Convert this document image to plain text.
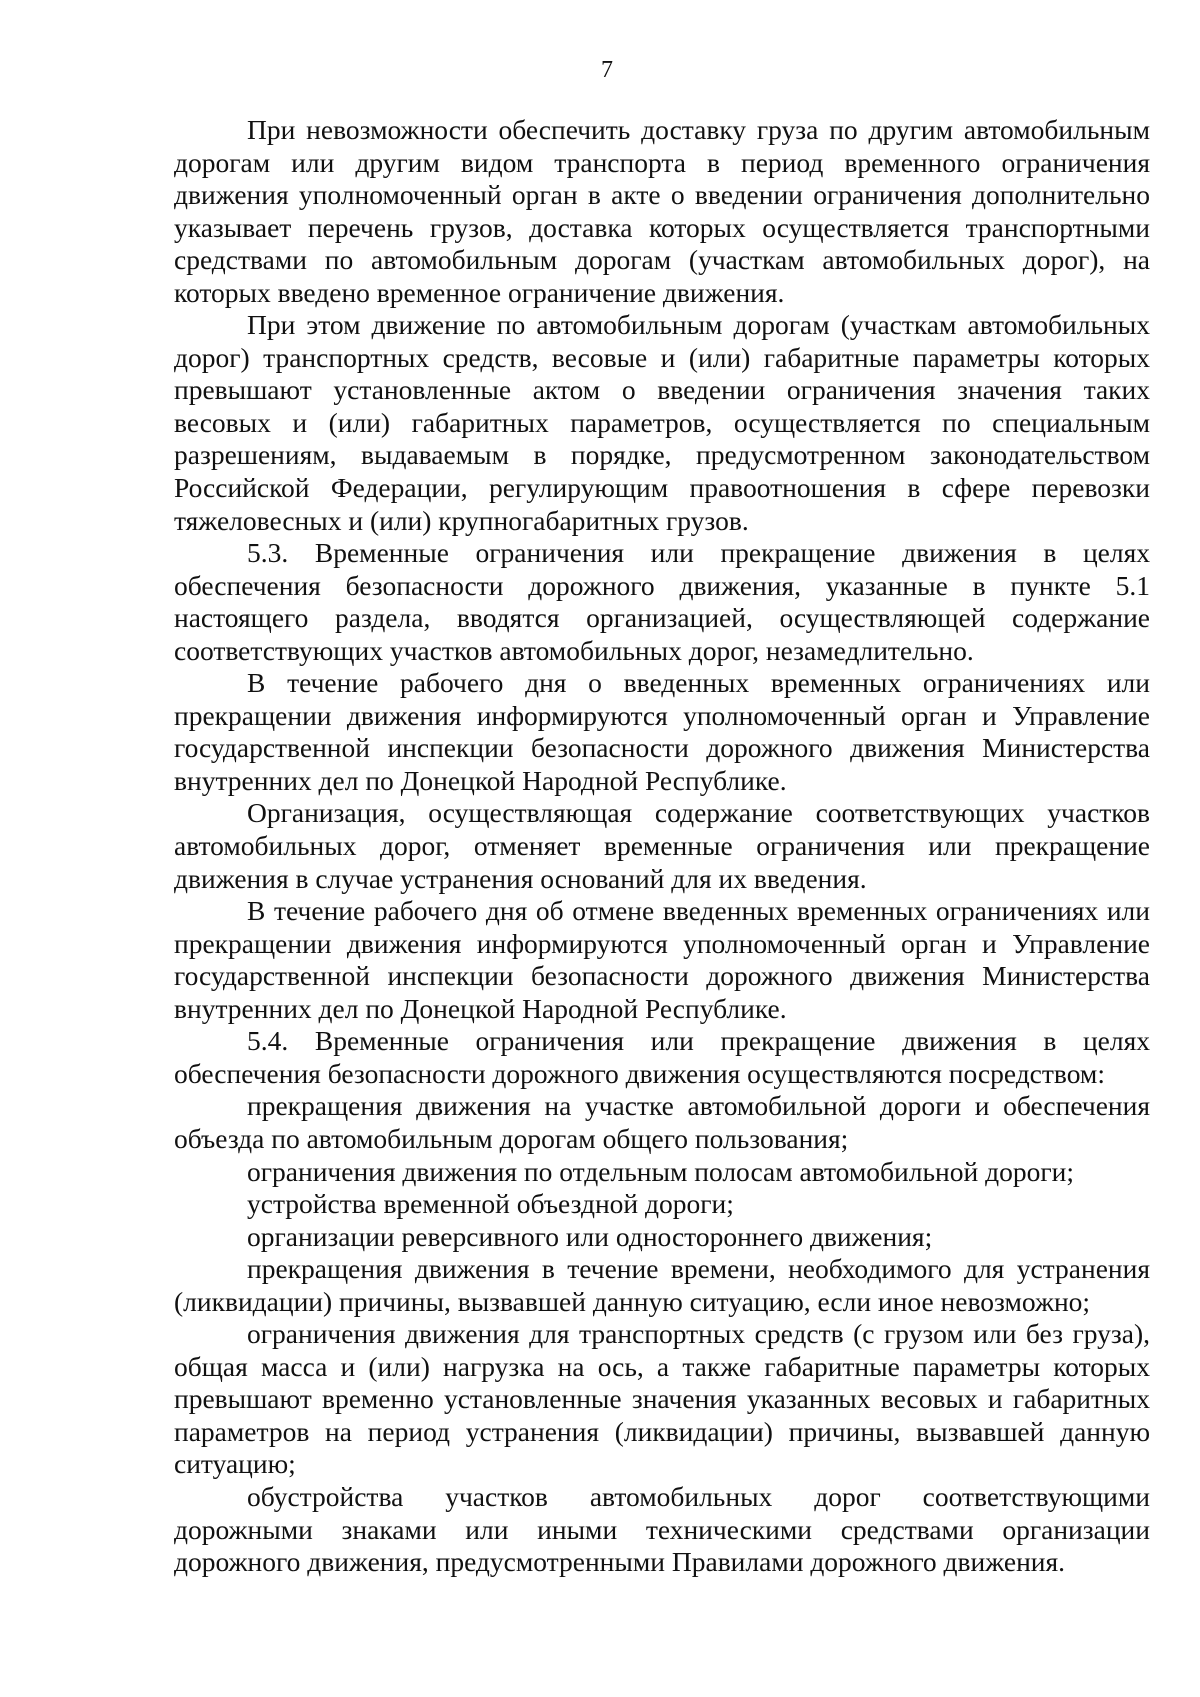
7

При невозможности обеспечить доставку груза по другим автомобильным дорогам или другим видом транспорта в период временного ограничения движения уполномоченный орган в акте о введении ограничения дополнительно указывает перечень грузов, доставка которых осуществляется транспортными средствами по автомобильным дорогам (участкам автомобильных дорог), на которых введено временное ограничение движения.

При этом движение по автомобильным дорогам (участкам автомобильных дорог) транспортных средств, весовые и (или) габаритные параметры которых превышают установленные актом о введении ограничения значения таких весовых и (или) габаритных параметров, осуществляется по специальным разрешениям, выдаваемым в порядке, предусмотренном законодательством Российской Федерации, регулирующим правоотношения в сфере перевозки тяжеловесных и (или) крупногабаритных грузов.

5.3. Временные ограничения или прекращение движения в целях обеспечения безопасности дорожного движения, указанные в пункте 5.1 настоящего раздела, вводятся организацией, осуществляющей содержание соответствующих участков автомобильных дорог, незамедлительно.

В течение рабочего дня о введенных временных ограничениях или прекращении движения информируются уполномоченный орган и Управление государственной инспекции безопасности дорожного движения Министерства внутренних дел по Донецкой Народной Республике.

Организация, осуществляющая содержание соответствующих участков автомобильных дорог, отменяет временные ограничения или прекращение движения в случае устранения оснований для их введения.

В течение рабочего дня об отмене введенных временных ограничениях или прекращении движения информируются уполномоченный орган и Управление государственной инспекции безопасности дорожного движения Министерства внутренних дел по Донецкой Народной Республике.

5.4. Временные ограничения или прекращение движения в целях обеспечения безопасности дорожного движения осуществляются посредством:

прекращения движения на участке автомобильной дороги и обеспечения объезда по автомобильным дорогам общего пользования;

ограничения движения по отдельным полосам автомобильной дороги;

устройства временной объездной дороги;

организации реверсивного или одностороннего движения;

прекращения движения в течение времени, необходимого для устранения (ликвидации) причины, вызвавшей данную ситуацию, если иное невозможно;

ограничения движения для транспортных средств (с грузом или без груза), общая масса и (или) нагрузка на ось, а также габаритные параметры которых превышают временно установленные значения указанных весовых и габаритных параметров на период устранения (ликвидации) причины, вызвавшей данную ситуацию;

обустройства участков автомобильных дорог соответствующими дорожными знаками или иными техническими средствами организации дорожного движения, предусмотренными Правилами дорожного движения.
